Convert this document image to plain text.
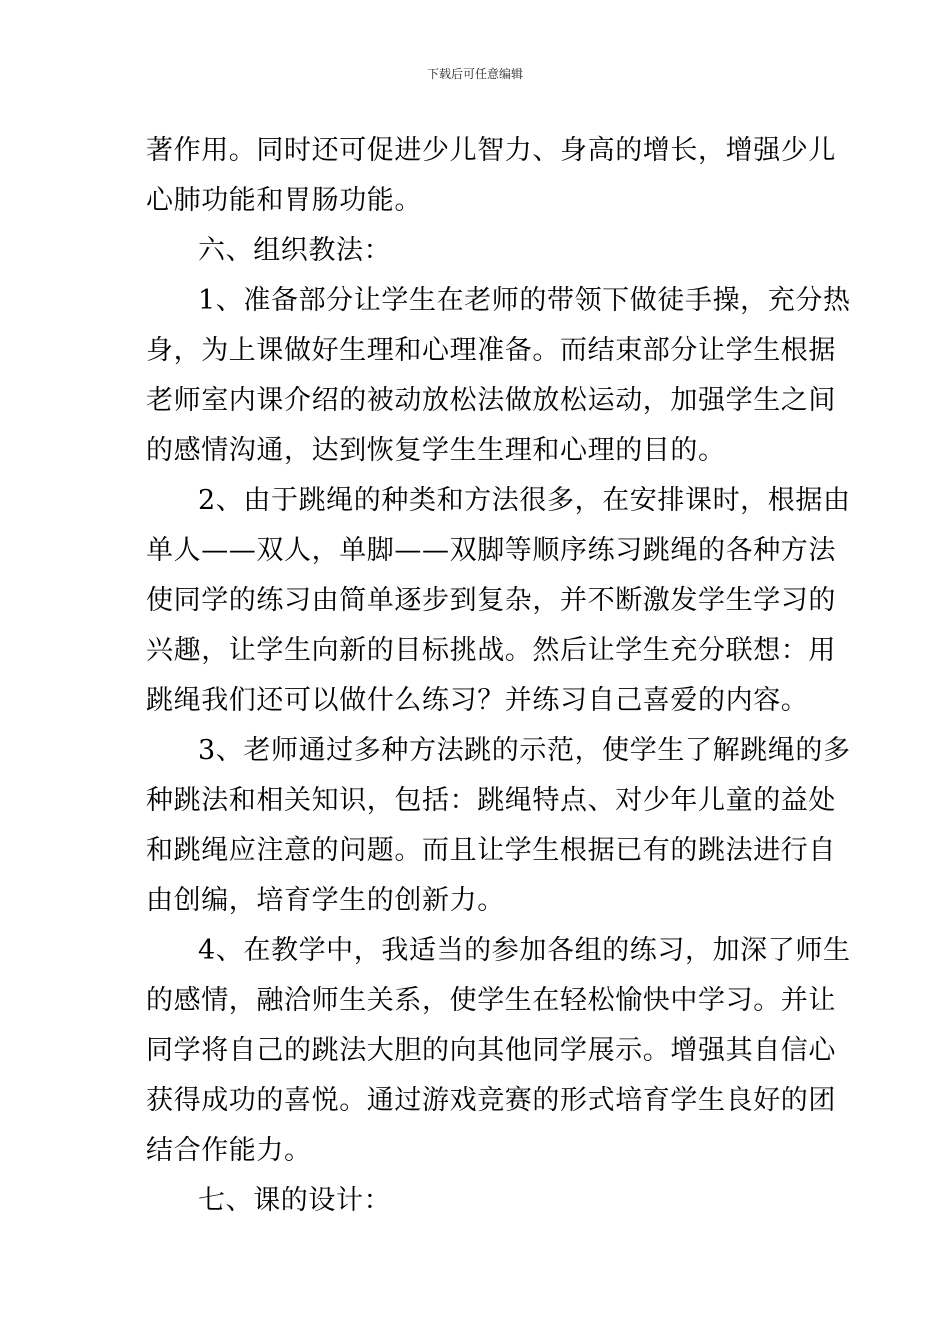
下载后可任意编辑
著作用。同时还可促进少儿智力、身高的增长，增强少儿
心肺功能和胃肠功能。
六、组织教法：
1、准备部分让学生在老师的带领下做徒手操，充分热
身，为上课做好生理和心理准备。而结束部分让学生根据
老师室内课介绍的被动放松法做放松运动，加强学生之间
的感情沟通，达到恢复学生生理和心理的目的。
2、由于跳绳的种类和方法很多，在安排课时，根据由
单人——双人，单脚——双脚等顺序练习跳绳的各种方法
使同学的练习由简单逐步到复杂，并不断激发学生学习的
兴趣，让学生向新的目标挑战。然后让学生充分联想：用
跳绳我们还可以做什么练习？并练习自己喜爱的内容。
3、老师通过多种方法跳的示范，使学生了解跳绳的多
种跳法和相关知识，包括：跳绳特点、对少年儿童的益处
和跳绳应注意的问题。而且让学生根据已有的跳法进行自
由创编，培育学生的创新力。
4、在教学中，我适当的参加各组的练习，加深了师生
的感情，融洽师生关系，使学生在轻松愉快中学习。并让
同学将自己的跳法大胆的向其他同学展示。增强其自信心
获得成功的喜悦。通过游戏竞赛的形式培育学生良好的团
结合作能力。
七、课的设计：
